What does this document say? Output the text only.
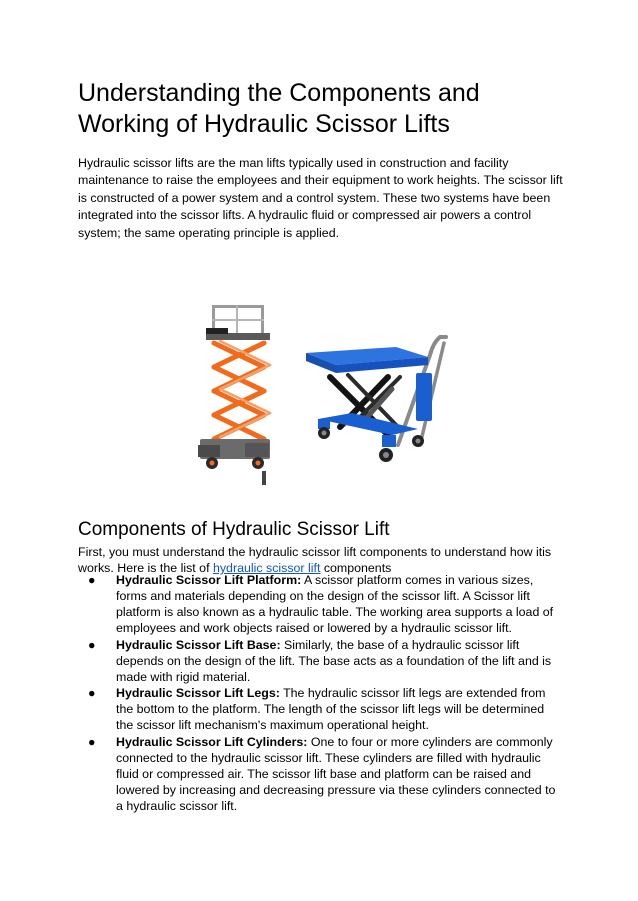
Understanding the Components and Working of Hydraulic Scissor Lifts

Hydraulic scissor lifts are the man lifts typically used in construction and facility maintenance to raise the employees and their equipment to work heights. The scissor lift is constructed of a power system and a control system. These two systems have been integrated into the scissor lifts. A hydraulic fluid or compressed air powers a control system; the same operating principle is applied.

Components of Hydraulic Scissor Lift

First, you must understand the hydraulic scissor lift components to understand how itis works. Here is the list of hydraulic scissor lift components

● Hydraulic Scissor Lift Platform: A scissor platform comes in various sizes, forms and materials depending on the design of the scissor lift. A Scissor lift platform is also known as a hydraulic table. The working area supports a load of employees and work objects raised or lowered by a hydraulic scissor lift.
● Hydraulic Scissor Lift Base: Similarly, the base of a hydraulic scissor lift depends on the design of the lift. The base acts as a foundation of the lift and is made with rigid material.
● Hydraulic Scissor Lift Legs: The hydraulic scissor lift legs are extended from the bottom to the platform. The length of the scissor lift legs will be determined the scissor lift mechanism's maximum operational height.
● Hydraulic Scissor Lift Cylinders: One to four or more cylinders are commonly connected to the hydraulic scissor lift. These cylinders are filled with hydraulic fluid or compressed air. The scissor lift base and platform can be raised and lowered by increasing and decreasing pressure via these cylinders connected to a hydraulic scissor lift.
